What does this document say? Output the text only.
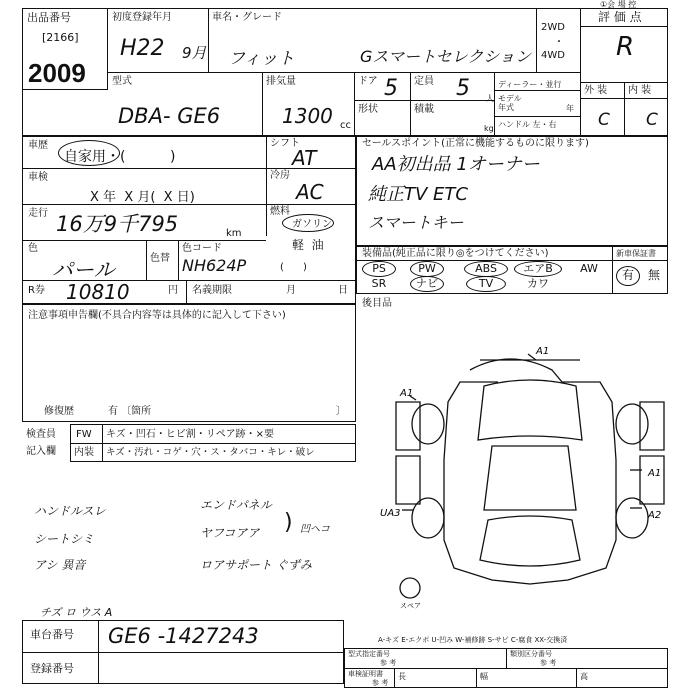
①会 場 控
出品番号
[2166]
2009
初度登録年月
H22 9月
車名・グレード
フィット	Gスマートセレクション
2WD
・
4WD
評 価 点
R
型式
DBA- GE6
排気量
1300 cc
ドア 5 定員 5 人
形状	積載
kg
ディーラー・並行
モデル年式	年
ハンドル 左・右
外 装 内 装
C C
車歴
自家用・(          )
車検
X 年  X 月(  X 日)
走行 16万9千795	km
色
パール	色替
色コード
NH624P
シフト
AT
冷房
AC
燃料
ガソリン
軽  油
(      )
R券 10810	円 名義期限	月	日
セールスポイント(正常に機能するものに限ります)
AA初出品 1オーナー
純正TV ETC
スマートキー
装備品(純正品に限り◎をつけてください)	新車保証書
PS	PW	ABS	エアB	AW
SR	ナビ	TV	カワ
有 無
後目品
注意事項申告欄(不具合内容等は具体的に記入して下さい)
修復歴	有 〔箇所	〕
検査員
記入欄
FW キズ・凹石・ヒビ割・リペア跡・×要
内装 キズ・汚れ・コゲ・穴・ス・タバコ・キレ・破レ
ハンドルスレ
シートシミ
アシ 異音
エンドパネル
ヤフコアア
ロアサポート ぐずみ
) 凹ヘコ
チズ ロ ウス A
A1
A1
A1
A2
UA3
スペア
車台番号 GE6 -1427243
登録番号
A-キズ E-エクボ U-凹み W-補修跡 S-サビ C-腐食 XX-交換済
型式指定番号
参 考
類別区分番号
参 考
車検証明書
参 考
長	幅	高
